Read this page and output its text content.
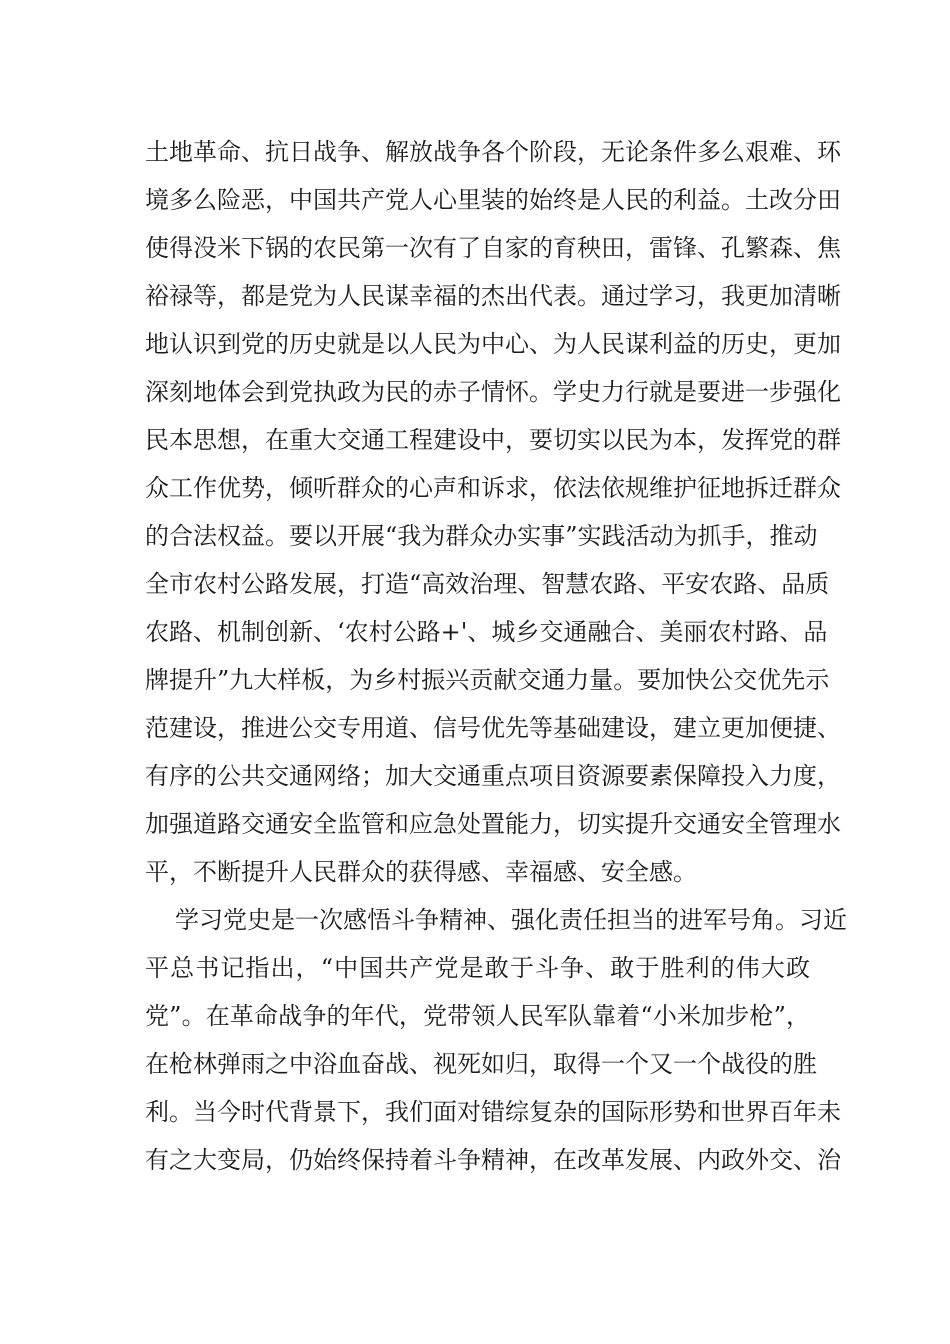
土地革命、抗日战争、解放战争各个阶段，无论条件多么艰难、环
境多么险恶，中国共产党人心里装的始终是人民的利益。土改分田
使得没米下锅的农民第一次有了自家的育秧田，雷锋、孔繁森、焦
裕禄等，都是党为人民谋幸福的杰出代表。通过学习，我更加清晰
地认识到党的历史就是以人民为中心、为人民谋利益的历史，更加
深刻地体会到党执政为民的赤子情怀。学史力行就是要进一步强化
民本思想，在重大交通工程建设中，要切实以民为本，发挥党的群
众工作优势，倾听群众的心声和诉求，依法依规维护征地拆迁群众
的合法权益。要以开展“我为群众办实事”实践活动为抓手，推动
全市农村公路发展，打造“高效治理、智慧农路、平安农路、品质
农路、机制创新、‘农村公路+'、城乡交通融合、美丽农村路、品
牌提升”九大样板，为乡村振兴贡献交通力量。要加快公交优先示
范建设，推进公交专用道、信号优先等基础建设，建立更加便捷、
有序的公共交通网络；加大交通重点项目资源要素保障投入力度，
加强道路交通安全监管和应急处置能力，切实提升交通安全管理水
平，不断提升人民群众的获得感、幸福感、安全感。
学习党史是一次感悟斗争精神、强化责任担当的进军号角。习近
平总书记指出，“中国共产党是敢于斗争、敢于胜利的伟大政
党”。在革命战争的年代，党带领人民军队靠着“小米加步枪”，
在枪林弹雨之中浴血奋战、视死如归，取得一个又一个战役的胜
利。当今时代背景下，我们面对错综复杂的国际形势和世界百年未
有之大变局，仍始终保持着斗争精神，在改革发展、内政外交、治
